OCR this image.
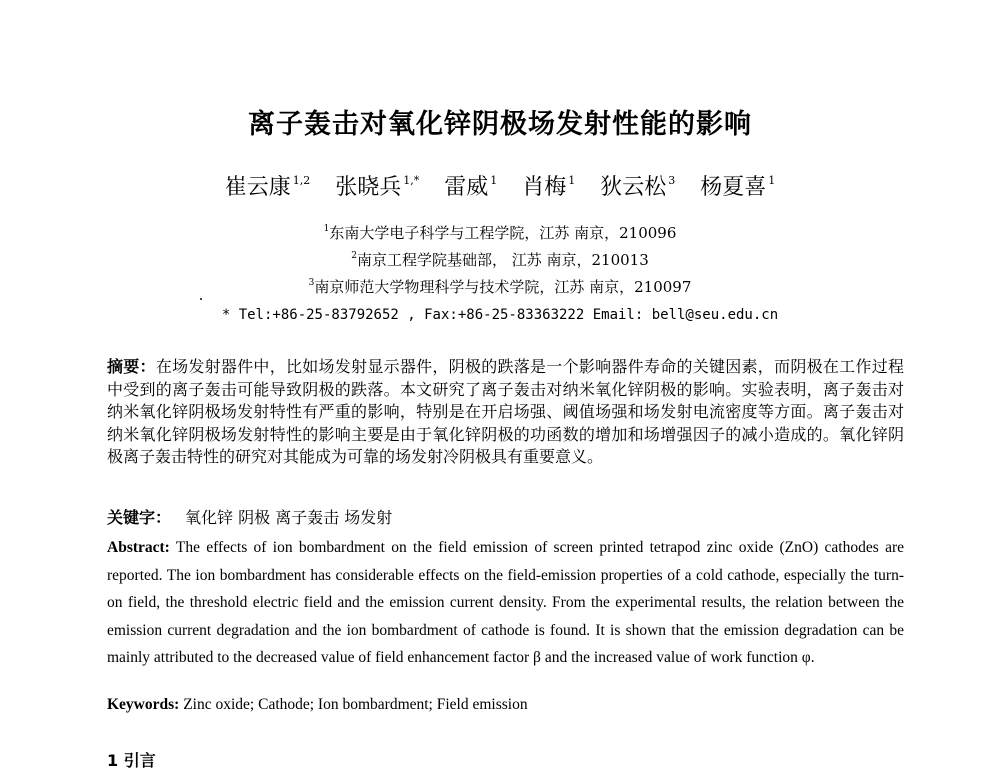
离子轰击对氧化锌阴极场发射性能的影响
崔云康 $^{1,2}$ 张晓兵 $^{1,*}$ 雷威 $^1$ 肖梅 $^1$ 狄云松 $^3$ 杨夏喜 $^1$
$^1$东南大学电子科学与工程学院，江苏 南京，210096
$^2$南京工程学院基础部， 江苏 南京，210013
$^3$南京师范大学物理科学与技术学院，江苏 南京，210097
* Tel:+86-25-83792652 , Fax:+86-25-83363222 Email: bell@seu.edu.cn
摘要：在场发射器件中，比如场发射显示器件，阴极的跌落是一个影响器件寿命的关键因素，而阴极在工作过程中受到的离子轰击可能导致阴极的跌落。本文研究了离子轰击对纳米氧化锌阴极的影响。实验表明，离子轰击对纳米氧化锌阴极场发射特性有严重的影响，特别是在开启场强、阈值场强和场发射电流密度等方面。离子轰击对纳米氧化锌阴极场发射特性的影响主要是由于氧化锌阴极的功函数的增加和场增强因子的减小造成的。氧化锌阴极离子轰击特性的研究对其能成为可靠的场发射冷阴极具有重要意义。
关键字： 氧化锌 阴极 离子轰击 场发射
Abstract: The effects of ion bombardment on the field emission of screen printed tetrapod zinc oxide (ZnO) cathodes are reported. The ion bombardment has considerable effects on the field-emission properties of a cold cathode, especially the turn-on field, the threshold electric field and the emission current density. From the experimental results, the relation between the emission current degradation and the ion bombardment of cathode is found. It is shown that the emission degradation can be mainly attributed to the decreased value of field enhancement factor β and the increased value of work function φ.
Keywords: Zinc oxide; Cathode; Ion bombardment; Field emission
1 引言
